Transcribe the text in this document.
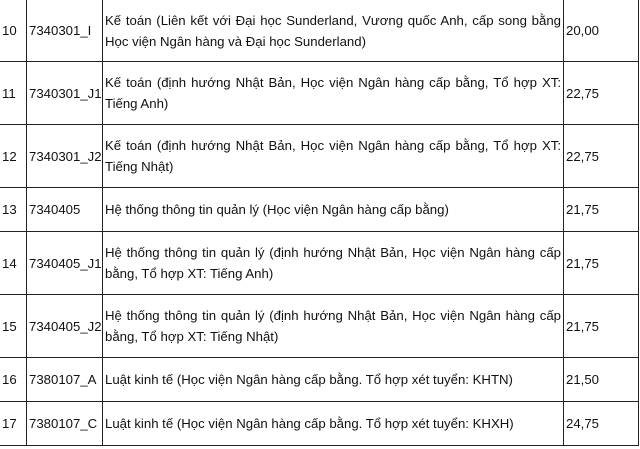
10	7340301_I	Kế toán (Liên kết với Đại học Sunderland, Vương quốc Anh, cấp song bằng Học viện Ngân hàng và Đại học Sunderland)	20,00
11	7340301_J1	Kế toán (định hướng Nhật Bản, Học viện Ngân hàng cấp bằng, Tổ hợp XT: Tiếng Anh)	22,75
12	7340301_J2	Kế toán (định hướng Nhật Bản, Học viện Ngân hàng cấp bằng, Tổ hợp XT: Tiếng Nhật)	22,75
13	7340405	Hệ thống thông tin quản lý (Học viện Ngân hàng cấp bằng)	21,75
14	7340405_J1	Hệ thống thông tin quản lý (định hướng Nhật Bản, Học viện Ngân hàng cấp bằng, Tổ hợp XT: Tiếng Anh)	21,75
15	7340405_J2	Hệ thống thông tin quản lý (định hướng Nhật Bản, Học viện Ngân hàng cấp bằng, Tổ hợp XT: Tiếng Nhật)	21,75
16	7380107_A	Luật kinh tế (Học viện Ngân hàng cấp bằng. Tổ hợp xét tuyển: KHTN)	21,50
17	7380107_C	Luật kinh tế (Học viện Ngân hàng cấp bằng. Tổ hợp xét tuyển: KHXH)	24,75
